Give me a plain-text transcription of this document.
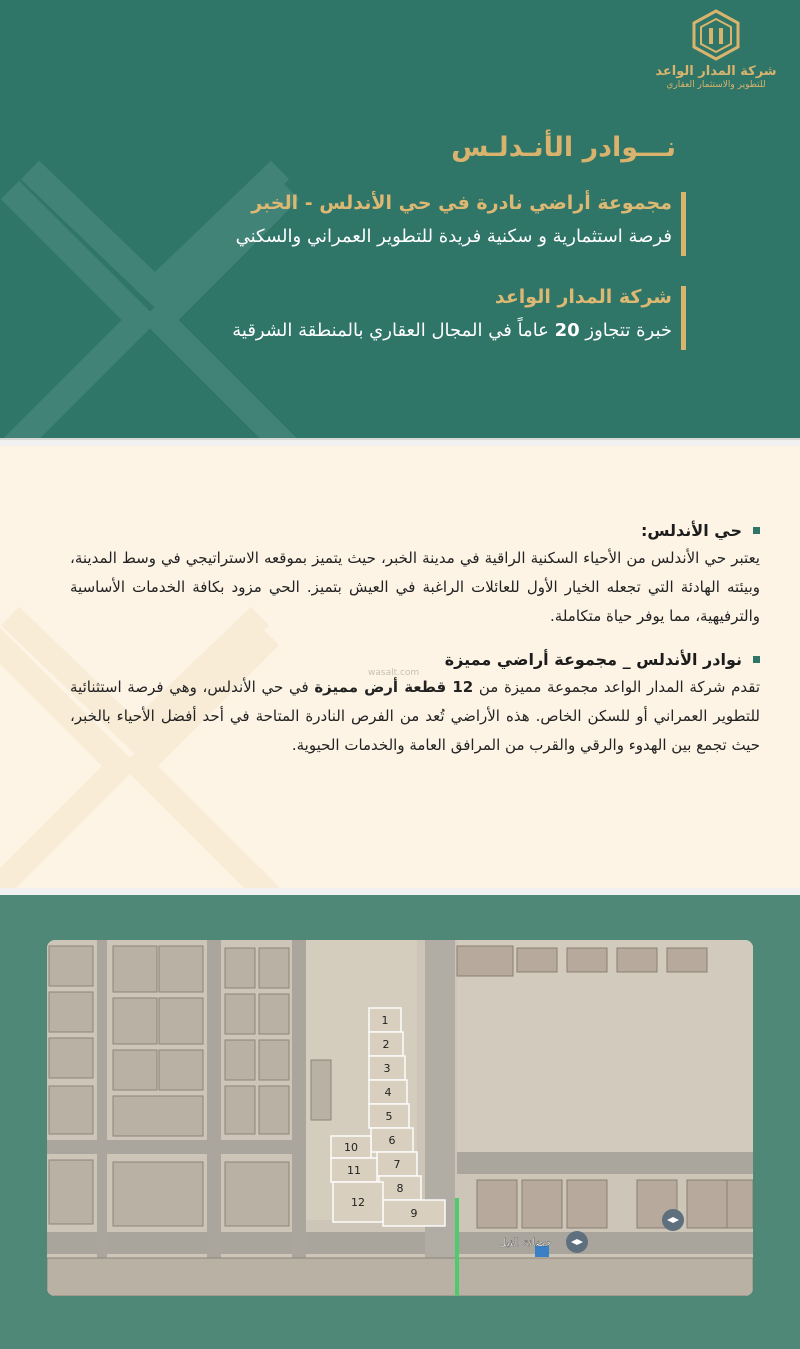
شركة المدار الواعد
للتطوير والاستثمار العقاري
نـــوادر الأنـدلـس
مجموعة أراضي نادرة في حي الأندلس - الخبر
فرصة استثمارية و سكنية فريدة للتطوير العمراني والسكني
شركة المدار الواعد
خبرة تتجاوز 20 عاماً في المجال العقاري بالمنطقة الشرقية
حي الأندلس:

يعتبر حي الأندلس من الأحياء السكنية الراقية في مدينة الخبر، حيث يتميز بموقعه الاستراتيجي في وسط المدينة، وبيئته الهادئة التي تجعله الخيار الأول للعائلات الراغبة في العيش بتميز. الحي مزود بكافة الخدمات الأساسية والترفيهية، مما يوفر حياة متكاملة.

نوادر الأندلس _ مجموعة أراضي مميزة

تقدم شركة المدار الواعد مجموعة مميزة من 12 قطعة أرض مميزة في حي الأندلس، وهي فرصة استثنائية للتطوير العمراني أو للسكن الخاص. هذه الأراضي تُعد من الفرص النادرة المتاحة في أحد أفضل الأحياء بالخبر، حيث تجمع بين الهدوء والرقي والقرب من المرافق العامة والخدمات الحيوية.

wasalt.com
1
2
3
4
5
6
7
8
9
10
11
12
حضانة النبل
